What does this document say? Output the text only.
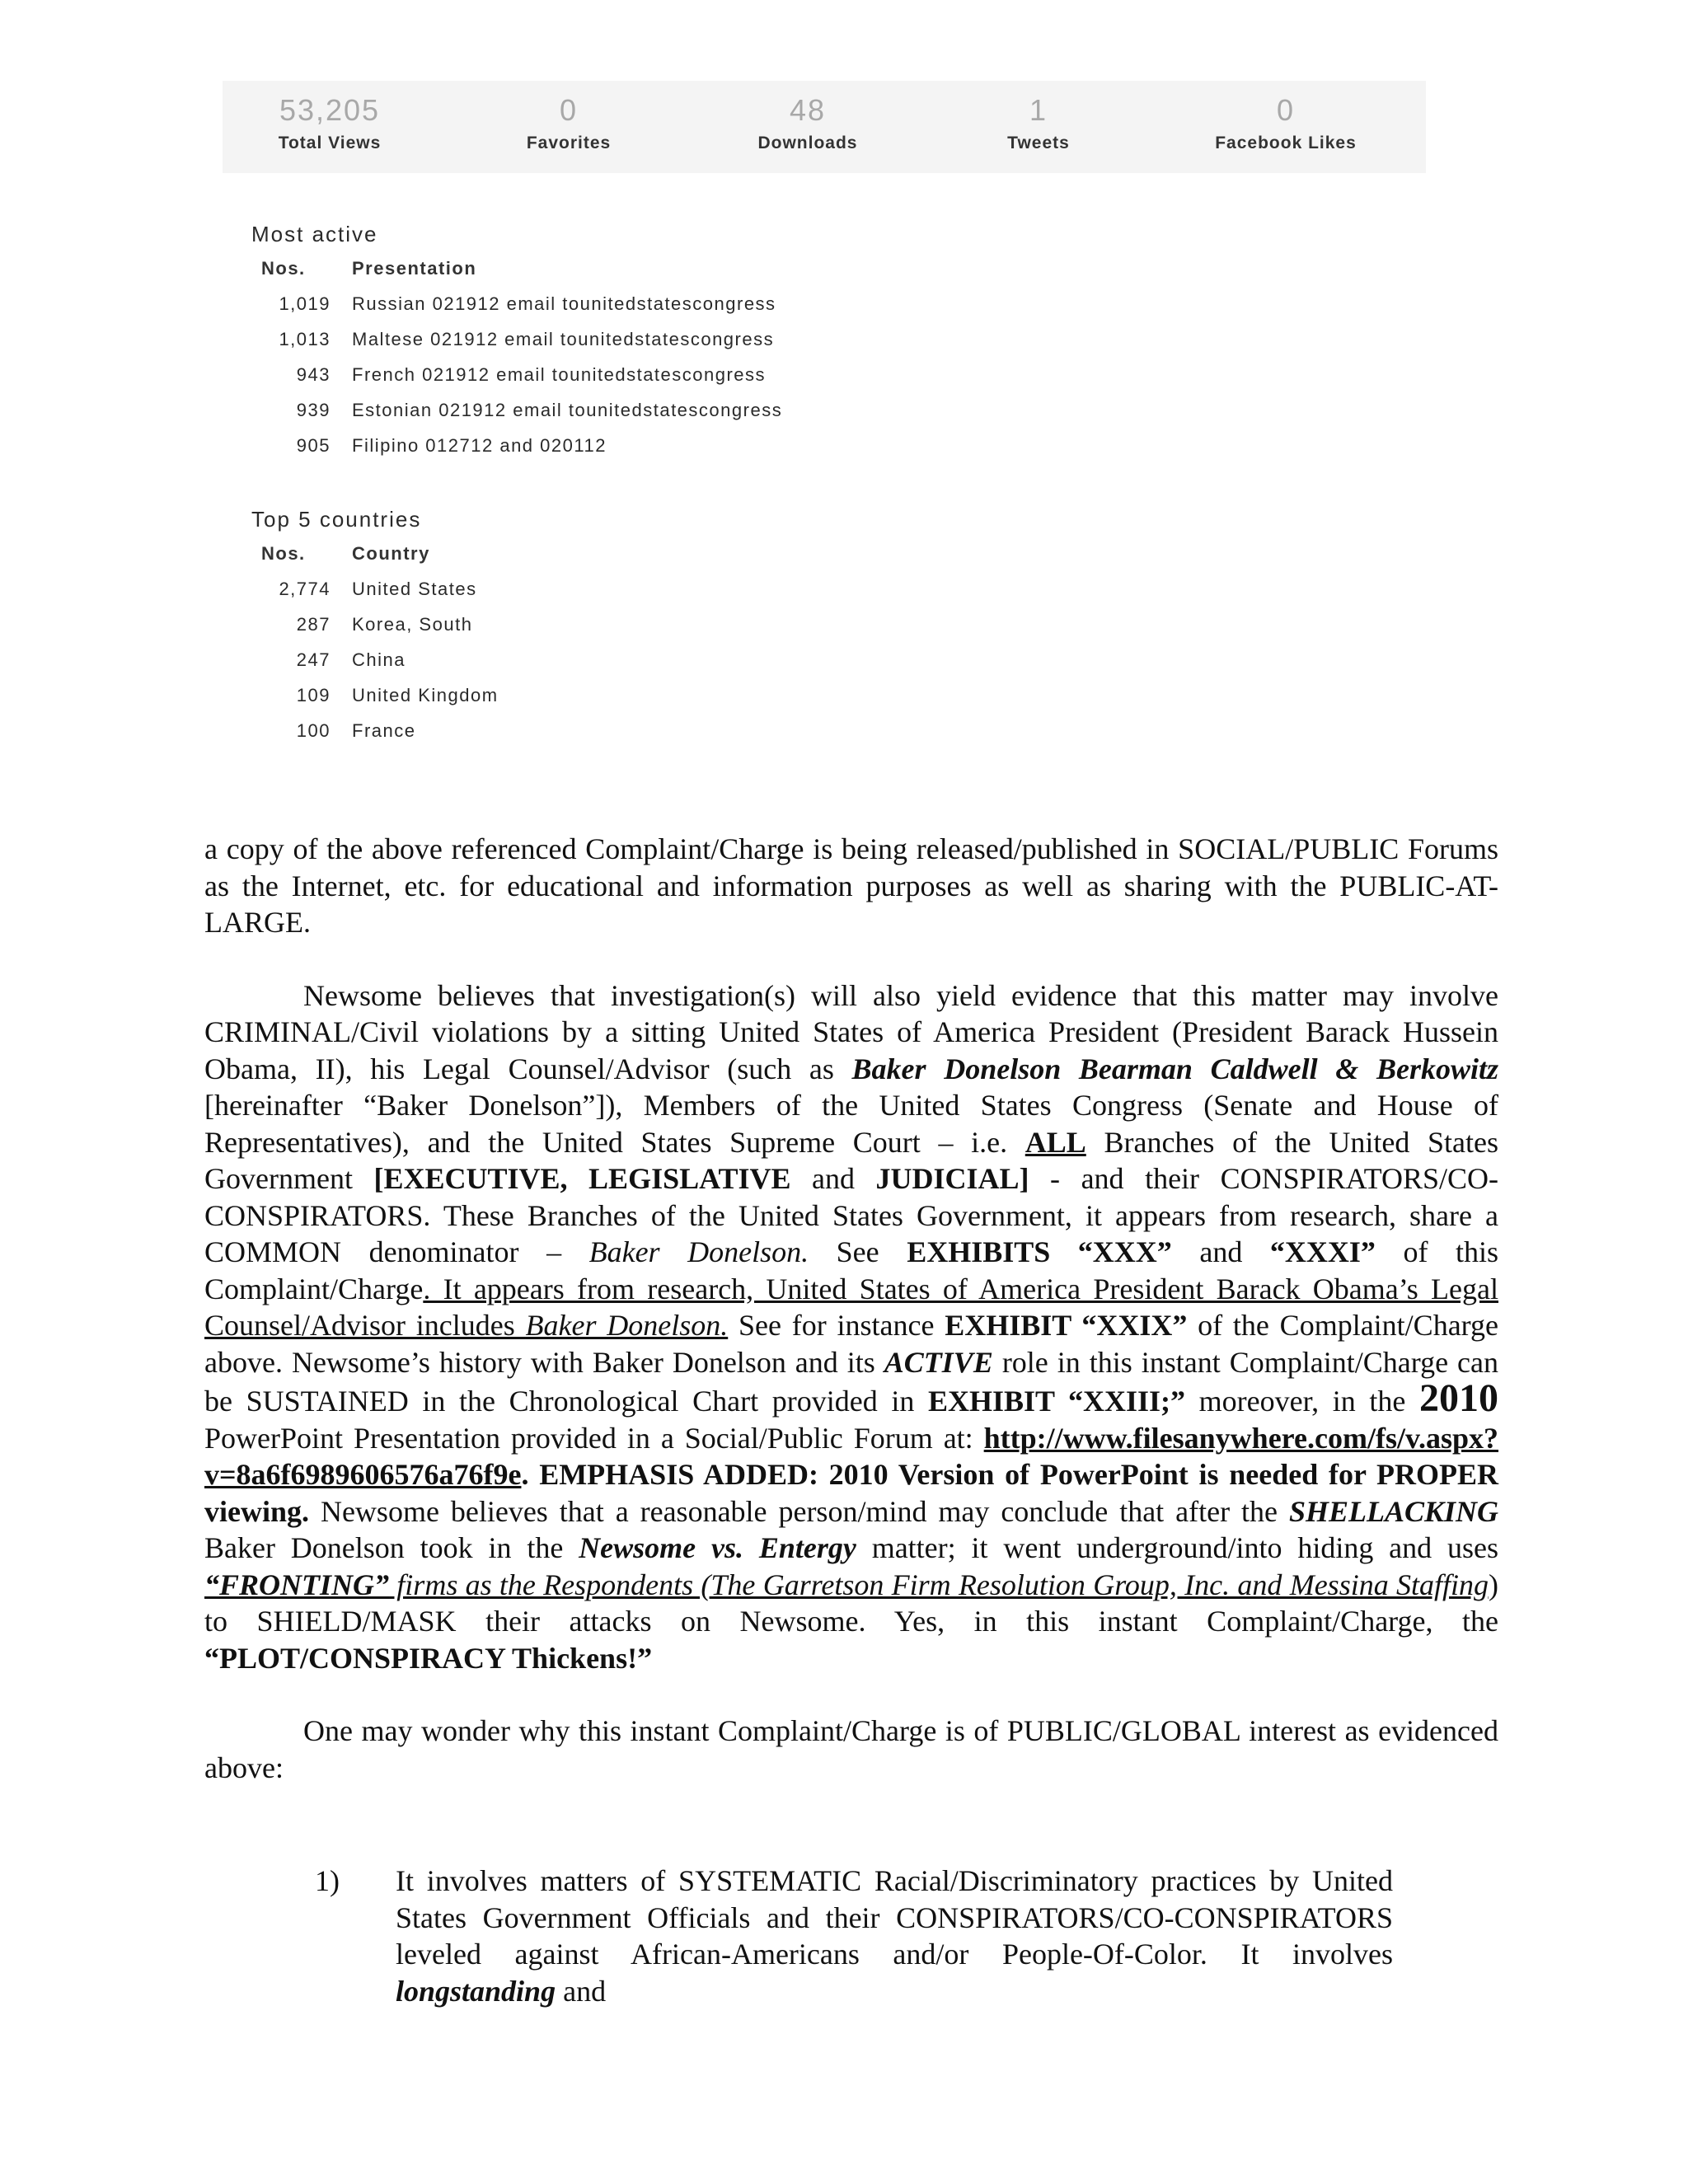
53,205
Total Views
0
Favorites
48
Downloads
1
Tweets
0
Facebook Likes
Most active
Nos.	Presentation
1,019 Russian 021912 email tounitedstatescongress
1,013 Maltese 021912 email tounitedstatescongress
943 French 021912 email tounitedstatescongress
939 Estonian 021912 email tounitedstatescongress
905 Filipino 012712 and 020112
Top 5 countries
Nos.	Country
2,774 United States
287 Korea, South
247 China
109 United Kingdom
100 France
a copy of the above referenced Complaint/Charge is being released/published in SOCIAL/PUBLIC Forums as the Internet, etc. for educational and information purposes as well as sharing with the PUBLIC-AT-LARGE.
Newsome believes that investigation(s) will also yield evidence that this matter may involve CRIMINAL/Civil violations by a sitting United States of America President (President Barack Hussein Obama, II), his Legal Counsel/Advisor (such as Baker Donelson Bearman Caldwell & Berkowitz [hereinafter “Baker Donelson”]), Members of the United States Congress (Senate and House of Representatives), and the United States Supreme Court – i.e. ALL Branches of the United States Government [EXECUTIVE, LEGISLATIVE and JUDICIAL] - and their CONSPIRATORS/CO-CONSPIRATORS. These Branches of the United States Government, it appears from research, share a COMMON denominator – Baker Donelson. See EXHIBITS “XXX” and “XXXI” of this Complaint/Charge. It appears from research, United States of America President Barack Obama’s Legal Counsel/Advisor includes Baker Donelson. See for instance EXHIBIT “XXIX” of the Complaint/Charge above. Newsome’s history with Baker Donelson and its ACTIVE role in this instant Complaint/Charge can be SUSTAINED in the Chronological Chart provided in EXHIBIT “XXIII;” moreover, in the 2010 PowerPoint Presentation provided in a Social/Public Forum at: http://www.filesanywhere.com/fs/v.aspx?v=8a6f6989606576a76f9e. EMPHASIS ADDED: 2010 Version of PowerPoint is needed for PROPER viewing. Newsome believes that a reasonable person/mind may conclude that after the SHELLACKING Baker Donelson took in the Newsome vs. Entergy matter; it went underground/into hiding and uses “FRONTING” firms as the Respondents (The Garretson Firm Resolution Group, Inc. and Messina Staffing) to SHIELD/MASK their attacks on Newsome. Yes, in this instant Complaint/Charge, the “PLOT/CONSPIRACY Thickens!”
One may wonder why this instant Complaint/Charge is of PUBLIC/GLOBAL interest as evidenced above:
1) It involves matters of SYSTEMATIC Racial/Discriminatory practices by United States Government Officials and their CONSPIRATORS/CO-CONSPIRATORS leveled against African-Americans and/or People-Of-Color. It involves longstanding and
